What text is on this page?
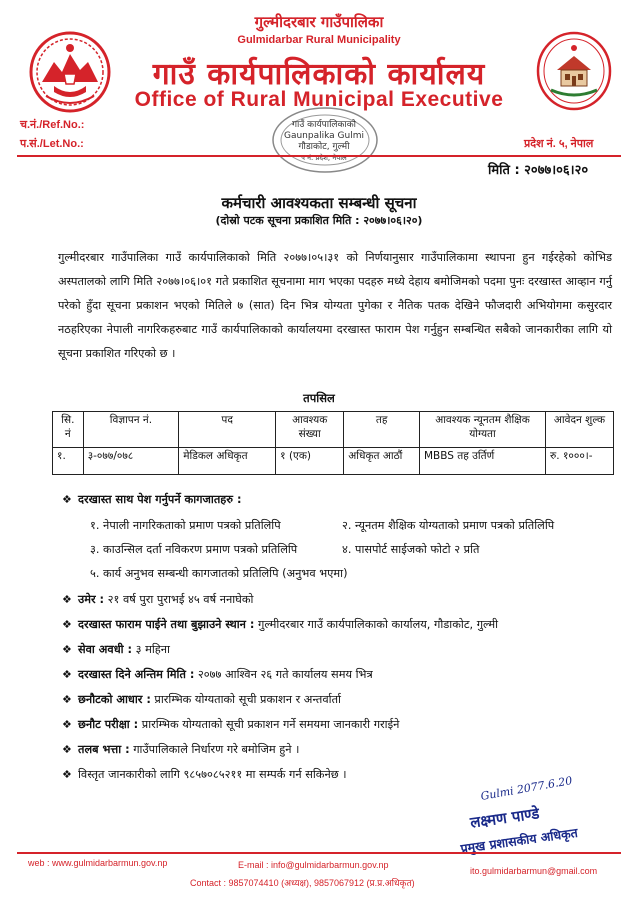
गुल्मीदरबार गाउँपालिका
Gulmidarbar Rural Municipality
गाउँ कार्यपालिकाको कार्यालय
Office of Rural Municipal Executive
गाउँ कार्यपालिकाको
Gaunpalika Gulmi
गौडाकोट, गुल्मी
५ नं. प्रदेश, नेपाल
च.नं./Ref.No.:
प.सं./Let.No.:	प्रदेश नं. ५, नेपाल
मिति : २०७७।०६।२०
कर्मचारी आवश्यकता सम्बन्धी सूचना
(दोस्रो पटक सूचना प्रकाशित मिति : २०७७।०६।२०)
गुल्मीदरबार गाउँपालिका गाउँ कार्यपालिकाको मिति २०७७।०५।३१ को निर्णयानुसार गाउँपालिकामा स्थापना हुन गईरहेको कोभिड अस्पतालको लागि मिति २०७७।०६।०१ गते प्रकाशित सूचनामा माग भएका पदहरु मध्ये देहाय बमोजिमको पदमा पुनः दरखास्त आव्हान गर्नु परेको हुँदा सूचना प्रकाशन भएको मितिले ७ (सात) दिन भित्र योग्यता पुगेका र नैतिक पतक देखिने फौजदारी अभियोगमा कसुरदार नठहरिएका नेपाली नागरिकहरुबाट गाउँ कार्यपालिकाको कार्यालयमा दरखास्त फाराम पेश गर्नुहुन सम्बन्धित सबैको जानकारीका लागि यो सूचना प्रकाशित गरिएको छ ।
तपसिल
सि. नं	विज्ञापन नं.	पद	आवश्यक संख्या	तह	आवश्यक न्यूनतम शैक्षिक योग्यता	आवेदन शुल्क
१.	३-०७७/०७८	मेडिकल अधिकृत	१ (एक)	अधिकृत आठौं	MBBS तह उर्तिर्ण	रु. १०००।-
❖ दरखास्त साथ पेश गर्नुपर्ने कागजातहरु :
१. नेपाली नागरिकताको प्रमाण पत्रको प्रतिलिपि	२. न्यूनतम शैक्षिक योग्यताको प्रमाण पत्रको प्रतिलिपि
३. काउन्सिल दर्ता नविकरण प्रमाण पत्रको प्रतिलिपि	४. पासपोर्ट साईजको फोटो २ प्रति
५. कार्य अनुभव सम्बन्धी कागजातको प्रतिलिपि (अनुभव भएमा)
❖ उमेर : २१ वर्ष पुरा पुराभई ४५ वर्ष ननाघेको
❖ दरखास्त फाराम पाईने तथा बुझाउने स्थान : गुल्मीदरबार गाउँ कार्यपालिकाको कार्यालय, गौडाकोट, गुल्मी
❖ सेवा अवधी : ३ महिना
❖ दरखास्त दिने अन्तिम मिति : २०७७ आश्विन २६ गते कार्यालय समय भित्र
❖ छनौटको आधार : प्रारम्भिक योग्यताको सूची प्रकाशन र अन्तर्वार्ता
❖ छनौट परीक्षा : प्रारम्भिक योग्यताको सूची प्रकाशन गर्ने समयमा जानकारी गराईने
❖ तलब भत्ता : गाउँपालिकाले निर्धारण गरे बमोजिम हुने ।
❖ विस्तृत जानकारीको लागि ९८५७०८५२११ मा सम्पर्क गर्न सकिनेछ ।	Gulmi 2077.6.20
लक्ष्मण पाण्डे
प्रमुख प्रशासकीय अधिकृत
web : www.gulmidarbarmun.gov.np	E-mail : info@gulmidarbarmun.gov.np
ito.gulmidarbarmun@gmail.com
Contact : 9857074410 (अध्यक्ष), 9857067912 (प्र.प्र.अधिकृत)
